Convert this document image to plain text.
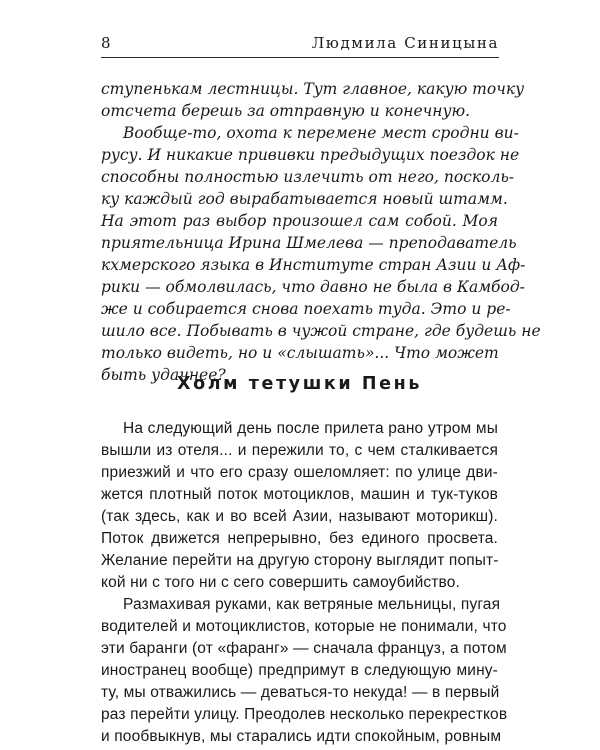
8	Людмила Синицына

ступенькам лестницы. Тут главное, какую точку

отсчета берешь за отправную и конечную.

Вообще-то, охота к перемене мест сродни ви-

русу. И никакие прививки предыдущих поездок не

способны полностью излечить от него, посколь-

ку каждый год вырабатывается новый штамм.

На этот раз выбор произошел сам собой. Моя

приятельница Ирина Шмелева — преподаватель

кхмерского языка в Институте стран Азии и Аф-

рики — обмолвилась, что давно не была в Камбод-

же и собирается снова поехать туда. Это и ре-

шило все. Побывать в чужой стране, где будешь не

только видеть, но и «слышать»... Что может

быть удачнее?

Холм тетушки Пень

На следующий день после прилета рано утром мы

вышли из отеля... и пережили то, с чем сталкивается

приезжий и что его сразу ошеломляет: по улице дви-

жется плотный поток мотоциклов, машин и тук-туков

(так здесь, как и во всей Азии, называют моторикш).

Поток движется непрерывно, без единого просвета.

Желание перейти на другую сторону выглядит попыт-

кой ни с того ни с сего совершить самоубийство.

Размахивая руками, как ветряные мельницы, пугая

водителей и мотоциклистов, которые не понимали, что

эти баранги (от «фаранг» — сначала француз, а потом

иностранец вообще) предпримут в следующую мину-

ту, мы отважились — деваться-то некуда! — в первый

раз перейти улицу. Преодолев несколько перекрестков

и пообвыкнув, мы старались идти спокойным, ровным
